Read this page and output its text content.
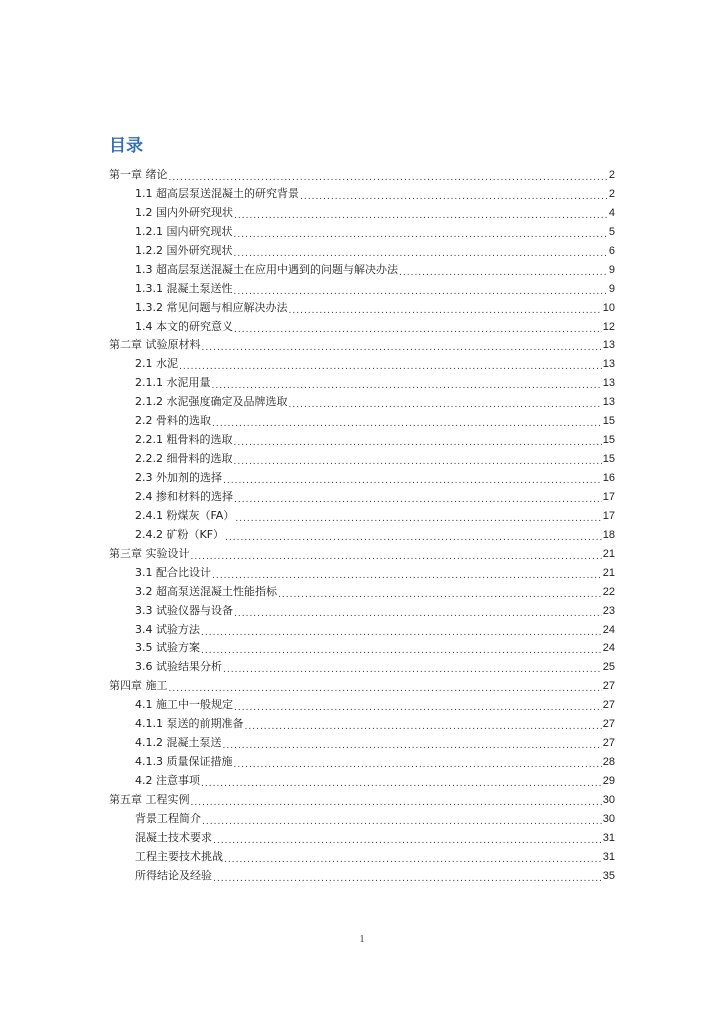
目录
第一章 绪论 .....	2
1.1 超高层泵送混凝土的研究背景 .....	2
1.2 国内外研究现状 .....	4
1.2.1 国内研究现状 .....	5
1.2.2 国外研究现状 .....	6
1.3 超高层泵送混凝土在应用中遇到的问题与解决办法 .....	9
1.3.1 混凝土泵送性 .....	9
1.3.2 常见问题与相应解决办法 .....	10
1.4 本文的研究意义 .....	12
第二章 试验原材料 .....	13
2.1 水泥 .....	13
2.1.1 水泥用量 .....	13
2.1.2 水泥强度确定及品牌选取 .....	13
2.2 骨料的选取 .....	15
2.2.1 粗骨料的选取 .....	15
2.2.2 细骨料的选取 .....	15
2.3 外加剂的选择 .....	16
2.4 掺和材料的选择 .....	17
2.4.1 粉煤灰（FA） .....	17
2.4.2 矿粉（KF） .....	18
第三章 实验设计 .....	21
3.1 配合比设计 .....	21
3.2 超高泵送混凝土性能指标 .....	22
3.3 试验仪器与设备 .....	23
3.4 试验方法 .....	24
3.5 试验方案 .....	24
3.6 试验结果分析 .....	25
第四章 施工 .....	27
4.1 施工中一般规定 .....	27
4.1.1 泵送的前期准备 .....	27
4.1.2 混凝土泵送 .....	27
4.1.3 质量保证措施 .....	28
4.2 注意事项 .....	29
第五章 工程实例 .....	30
背景工程简介 .....	30
混凝土技术要求 .....	31
工程主要技术挑战 .....	31
所得结论及经验 .....	35
1
